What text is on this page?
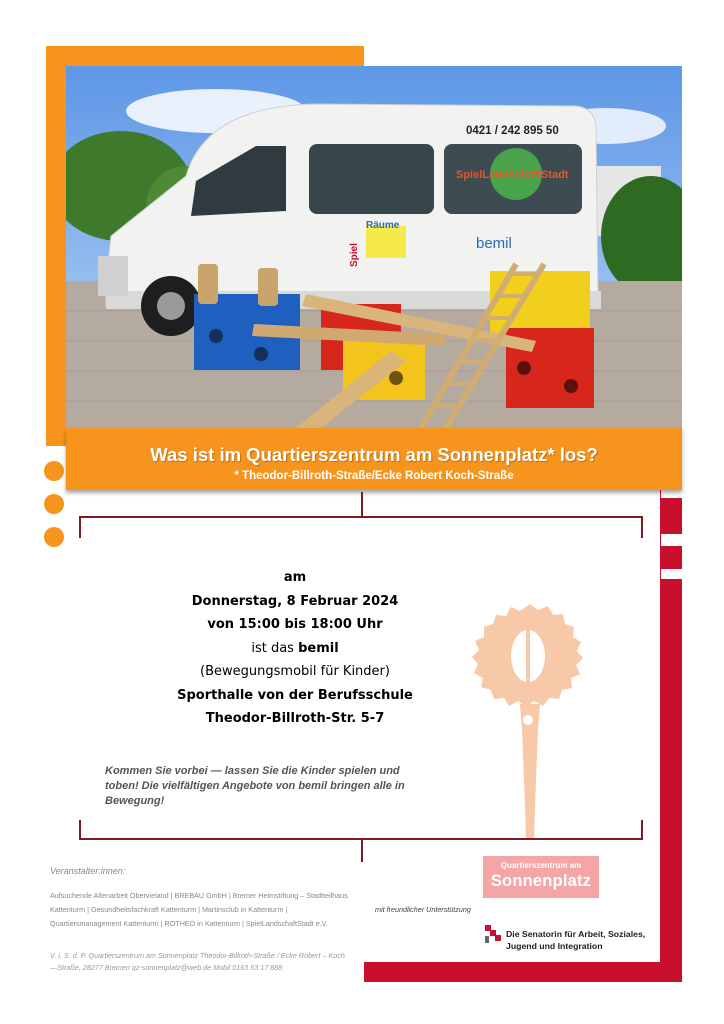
SpielLandschaftStadt
0421 / 242 895 50
Räume
Spiel	bemil
Was ist im Quartierszentrum am Sonnenplatz* los?
* Theodor-Billroth-Straße/Ecke Robert Koch-Straße
am
Donnerstag, 8 Februar 2024
von 15:00 bis 18:00 Uhr
ist das bemil
(Bewegungsmobil für Kinder)
Sporthalle von der Berufsschule
Theodor-Billroth-Str. 5-7
Kommen Sie vorbei — lassen Sie die Kinder spielen und toben! Die vielfältigen Angebote von bemil bringen alle in Bewegung!
Veranstalter:innen:
Aufsuchende Altenarbeit Obervieland | BREBAU GmbH | Bremer Heimstiftung – Stadtteilhaus Kattenturm | Gesundheitsfachkraft Kattenturm | Martinsclub in Kattenturm | Quartiersmanagement Kattenturm | ROTHEO in Kattenturm | SpielLandschaftStadt e.V.
mit freundlicher Unterstützung
V. i. S. d. P. Quartierszentrum am Sonnenplatz Theodor-Billroth-Straße / Ecke Robert – Koch—Straße, 28277 Bremen qz-sonnenplatz@web.de Mobil 0163 53 17 888
Quartierszentrum am
Sonnenplatz
Die Senatorin für Arbeit, Soziales,
Jugend und Integration
